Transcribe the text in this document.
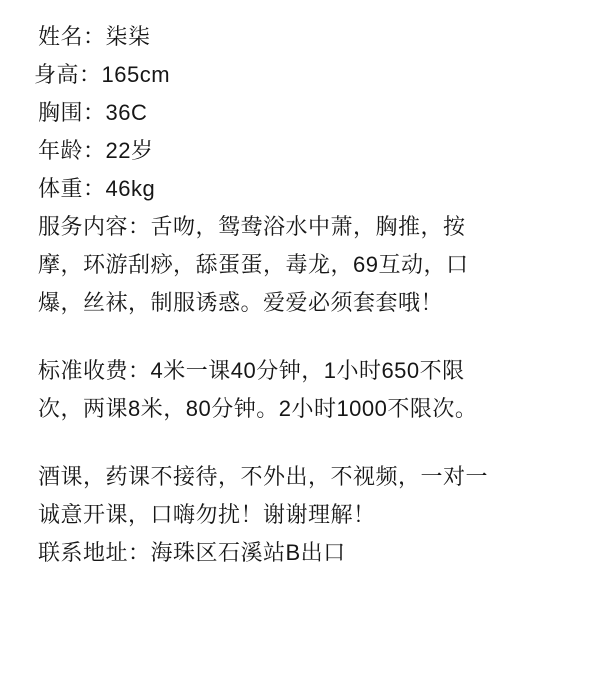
姓名：柒柒
身高：165cm
胸围：36C
年龄：22岁
体重：46kg
服务内容：舌吻，鸳鸯浴水中萧，胸推，按
摩，环游刮痧，舔蛋蛋，毒龙，69互动，口
爆，丝袜，制服诱惑。爱爱必须套套哦！
标准收费：4米一课40分钟，1小时650不限
次，两课8米，80分钟。2小时1000不限次。
酒课，药课不接待，不外出，不视频，一对一
诚意开课，口嗨勿扰！谢谢理解！
联系地址：海珠区石溪站B出口
